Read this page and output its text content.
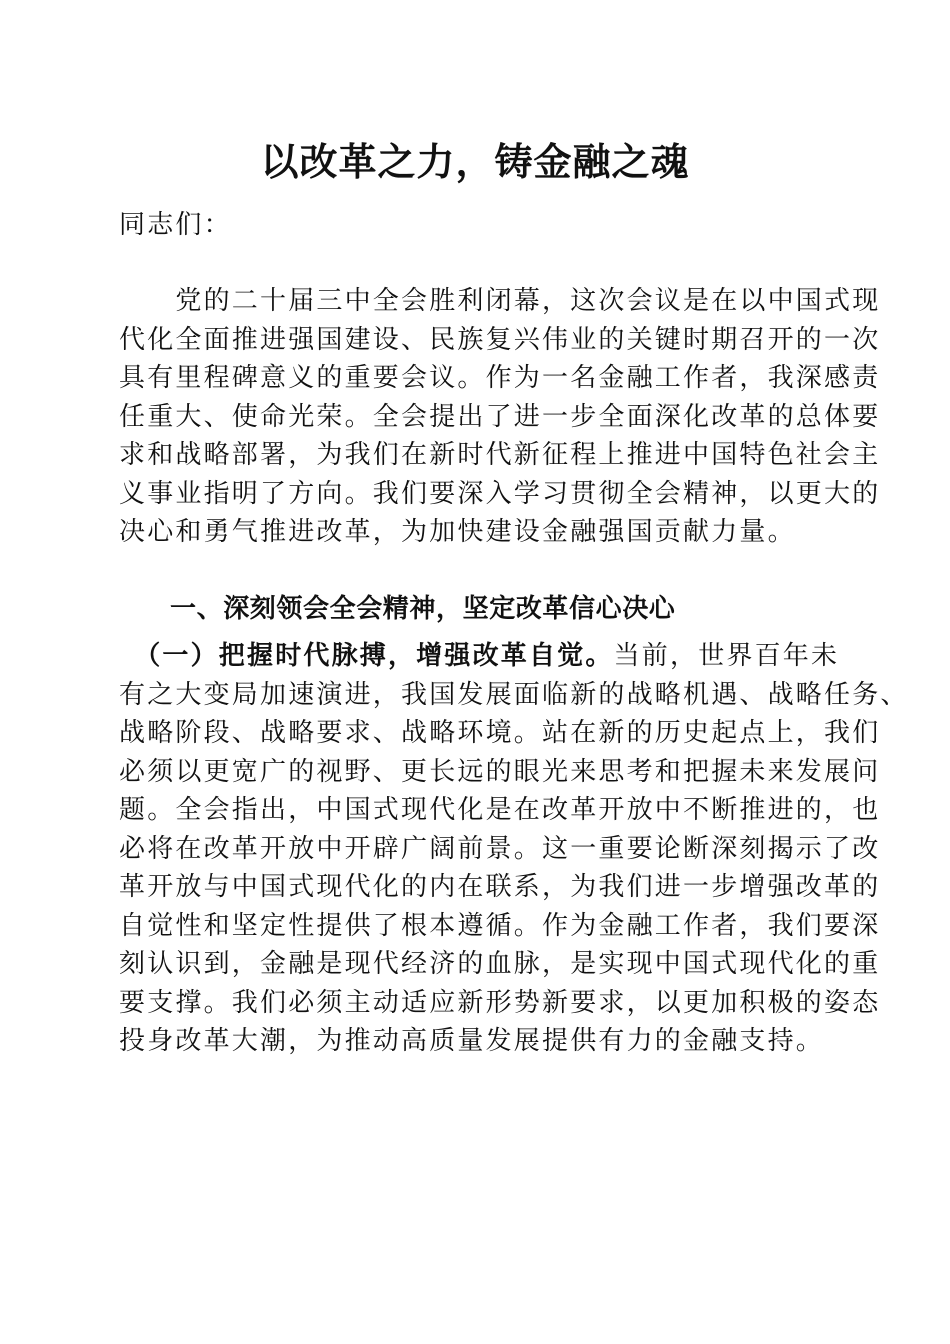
以改革之力，铸金融之魂
同志们：
　　党的二十届三中全会胜利闭幕，这次会议是在以中国式现
代化全面推进强国建设、民族复兴伟业的关键时期召开的一次
具有里程碑意义的重要会议。作为一名金融工作者，我深感责
任重大、使命光荣。全会提出了进一步全面深化改革的总体要
求和战略部署，为我们在新时代新征程上推进中国特色社会主
义事业指明了方向。我们要深入学习贯彻全会精神，以更大的
决心和勇气推进改革，为加快建设金融强国贡献力量。
一、深刻领会全会精神，坚定改革信心决心
　（一）把握时代脉搏，增强改革自觉。当前，世界百年未
有之大变局加速演进，我国发展面临新的战略机遇、战略任务、
战略阶段、战略要求、战略环境。站在新的历史起点上，我们
必须以更宽广的视野、更长远的眼光来思考和把握未来发展问
题。全会指出，中国式现代化是在改革开放中不断推进的，也
必将在改革开放中开辟广阔前景。这一重要论断深刻揭示了改
革开放与中国式现代化的内在联系，为我们进一步增强改革的
自觉性和坚定性提供了根本遵循。作为金融工作者，我们要深
刻认识到，金融是现代经济的血脉，是实现中国式现代化的重
要支撑。我们必须主动适应新形势新要求，以更加积极的姿态
投身改革大潮，为推动高质量发展提供有力的金融支持。
